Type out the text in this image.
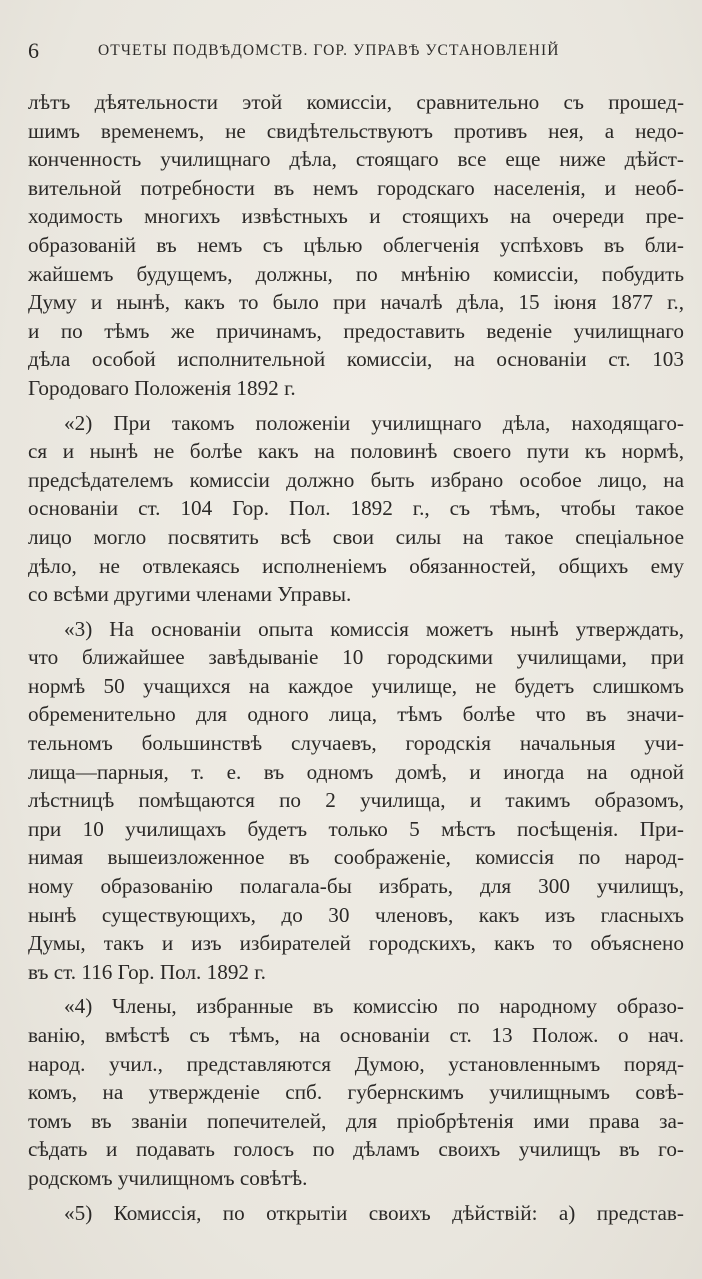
6	ОТЧЕТЫ ПОДВѢДОМСТВ. ГОР. УПРАВѢ УСТАНОВЛЕНІЙ
лѣтъ дѣятельности этой комиссіи, сравнительно съ прошед-
шимъ временемъ, не свидѣтельствуютъ противъ нея, а недо-
конченность училищнаго дѣла, стоящаго все еще ниже дѣйст-
вительной потребности въ немъ городскаго населенія, и необ-
ходимость многихъ извѣстныхъ и стоящихъ на очереди пре-
образованій въ немъ съ цѣлью облегченія успѣховъ въ бли-
жайшемъ будущемъ, должны, по мнѣнію комиссіи, побудить
Думу и нынѣ, какъ то было при началѣ дѣла, 15 іюня 1877 г.,
и по тѣмъ же причинамъ, предоставить веденіе училищнаго
дѣла особой исполнительной комиссіи, на основаніи ст. 103
Городоваго Положенія 1892 г.
«2) При такомъ положеніи училищнаго дѣла, находящаго-
ся и нынѣ не болѣе какъ на половинѣ своего пути къ нормѣ,
предсѣдателемъ комиссіи должно быть избрано особое лицо, на
основаніи ст. 104 Гор. Пол. 1892 г., съ тѣмъ, чтобы такое
лицо могло посвятить всѣ свои силы на такое спеціальное
дѣло, не отвлекаясь исполненіемъ обязанностей, общихъ ему
со всѣми другими членами Управы.
«3) На основаніи опыта комиссія можетъ нынѣ утверждать,
что ближайшее завѣдываніе 10 городскими училищами, при
нормѣ 50 учащихся на каждое училище, не будетъ слишкомъ
обременительно для одного лица, тѣмъ болѣе что въ значи-
тельномъ большинствѣ случаевъ, городскія начальныя учи-
лища—парныя, т. е. въ одномъ домѣ, и иногда на одной
лѣстницѣ помѣщаются по 2 училища, и такимъ образомъ,
при 10 училищахъ будетъ только 5 мѣстъ посѣщенія. При-
нимая вышеизложенное въ соображеніе, комиссія по народ-
ному образованію полагала-бы избрать, для 300 училищъ,
нынѣ существующихъ, до 30 членовъ, какъ изъ гласныхъ
Думы, такъ и изъ избирателей городскихъ, какъ то объяснено
въ ст. 116 Гор. Пол. 1892 г.
«4) Члены, избранные въ комиссію по народному образо-
ванію, вмѣстѣ съ тѣмъ, на основаніи ст. 13 Полож. о нач.
народ. учил., представляются Думою, установленнымъ поряд-
комъ, на утвержденіе спб. губернскимъ училищнымъ совѣ-
томъ въ званіи попечителей, для пріобрѣтенія ими права за-
сѣдать и подавать голосъ по дѣламъ своихъ училищъ въ го-
родскомъ училищномъ совѣтѣ.
«5) Комиссія, по открытіи своихъ дѣйствій: а) представ-
